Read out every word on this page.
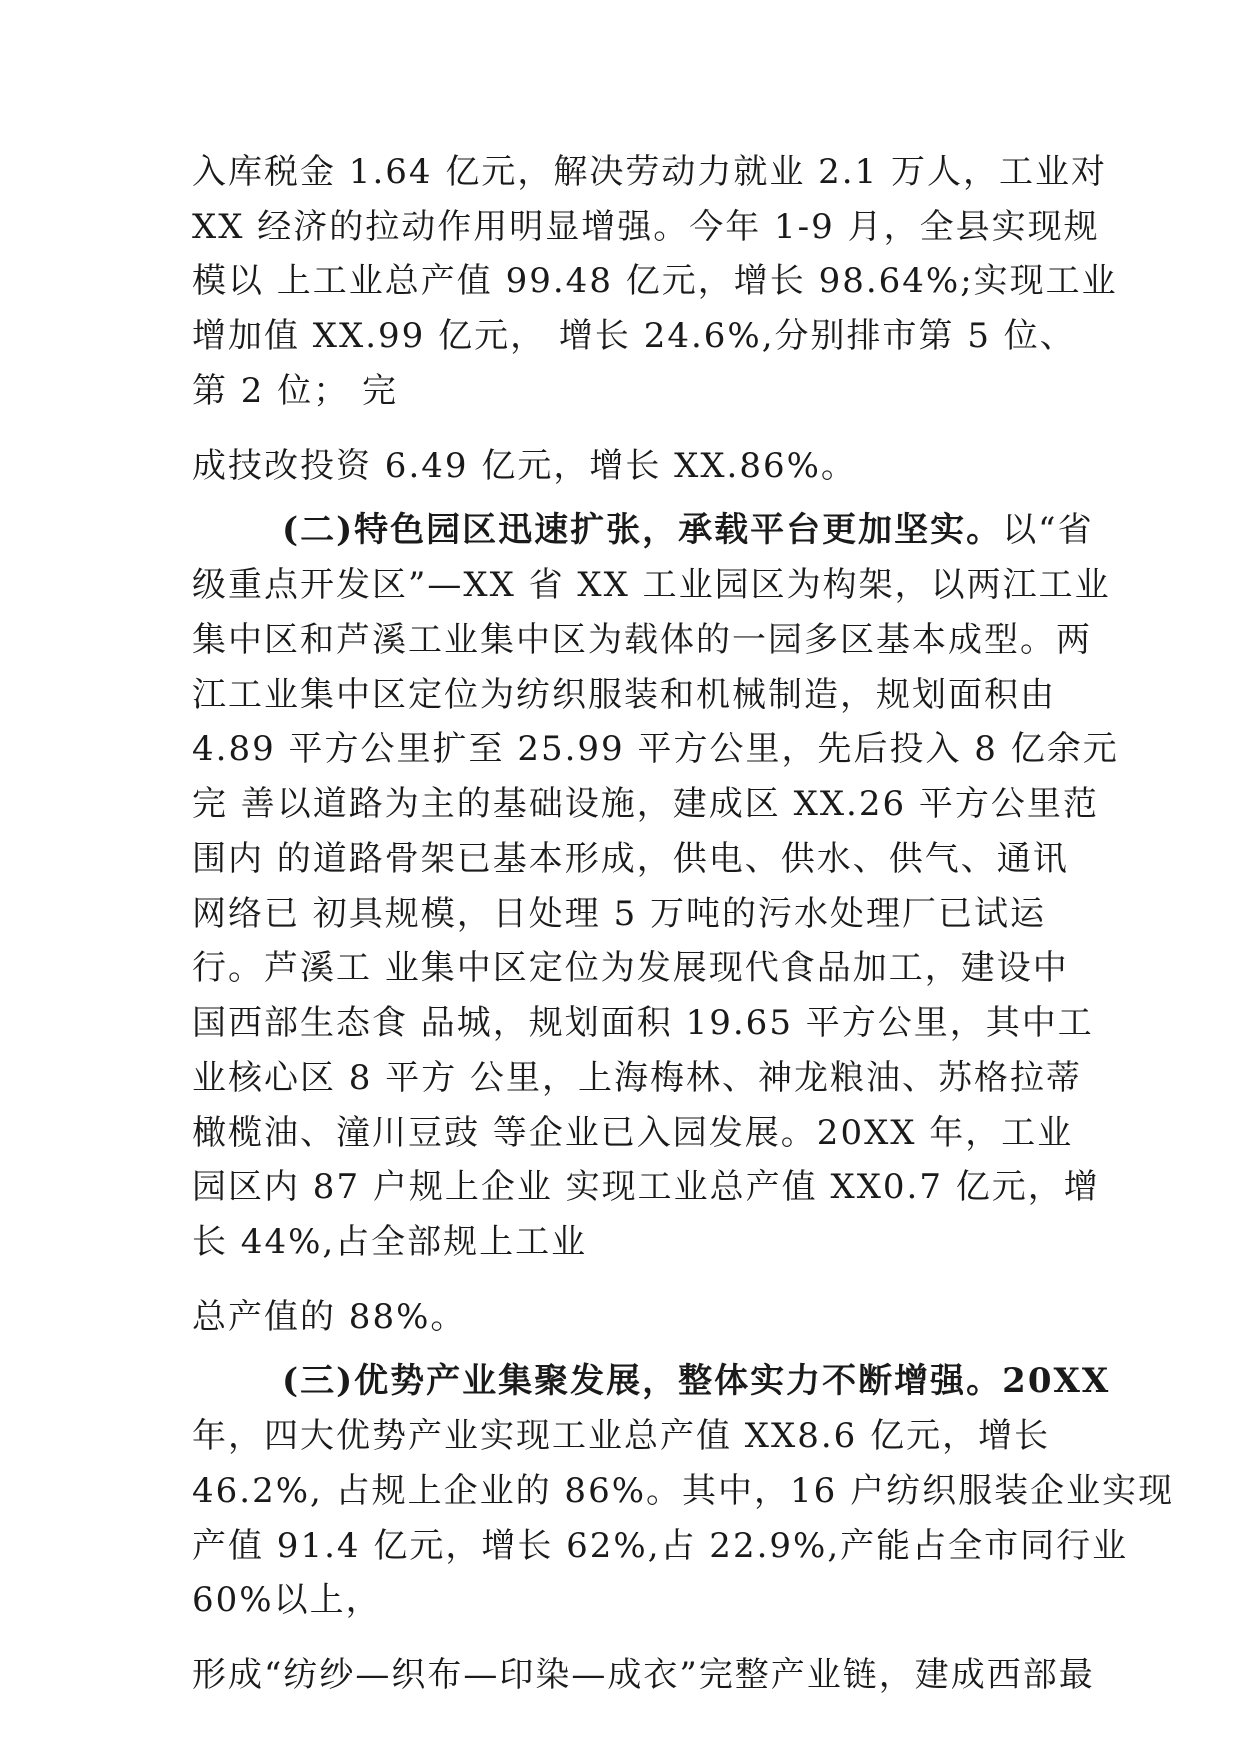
入库税金 1.64 亿元，解决劳动力就业 2.1 万人，工业对
XX 经济的拉动作用明显增强。今年 1-9 月，全县实现规
模以 上工业总产值 99.48 亿元，增长 98.64%;实现工业
增加值 XX.99 亿元， 增长 24.6%,分别排市第 5 位、
第 2 位； 完
成技改投资 6.49 亿元，增长 XX.86%。
(二)特色园区迅速扩张，承载平台更加坚实。以“省
级重点开发区”—XX 省 XX 工业园区为构架，以两江工业
集中区和芦溪工业集中区为载体的一园多区基本成型。两
江工业集中区定位为纺织服装和机械制造，规划面积由
4.89 平方公里扩至 25.99 平方公里，先后投入 8 亿余元
完 善以道路为主的基础设施，建成区 XX.26 平方公里范
围内 的道路骨架已基本形成，供电、供水、供气、通讯
网络已 初具规模，日处理 5 万吨的污水处理厂已试运
行。芦溪工 业集中区定位为发展现代食品加工，建设中
国西部生态食 品城，规划面积 19.65 平方公里，其中工
业核心区 8 平方 公里，上海梅林、神龙粮油、苏格拉蒂
橄榄油、潼川豆豉 等企业已入园发展。20XX 年，工业
园区内 87 户规上企业 实现工业总产值 XX0.7 亿元，增
长 44%,占全部规上工业
总产值的 88%。
(三)优势产业集聚发展，整体实力不断增强。20XX
年，四大优势产业实现工业总产值 XX8.6 亿元，增长
46.2%, 占规上企业的 86%。其中，16 户纺织服装企业实现
产值 91.4 亿元，增长 62%,占 22.9%,产能占全市同行业
60%以上，
形成“纺纱—织布—印染—成衣”完整产业链，建成西部最
